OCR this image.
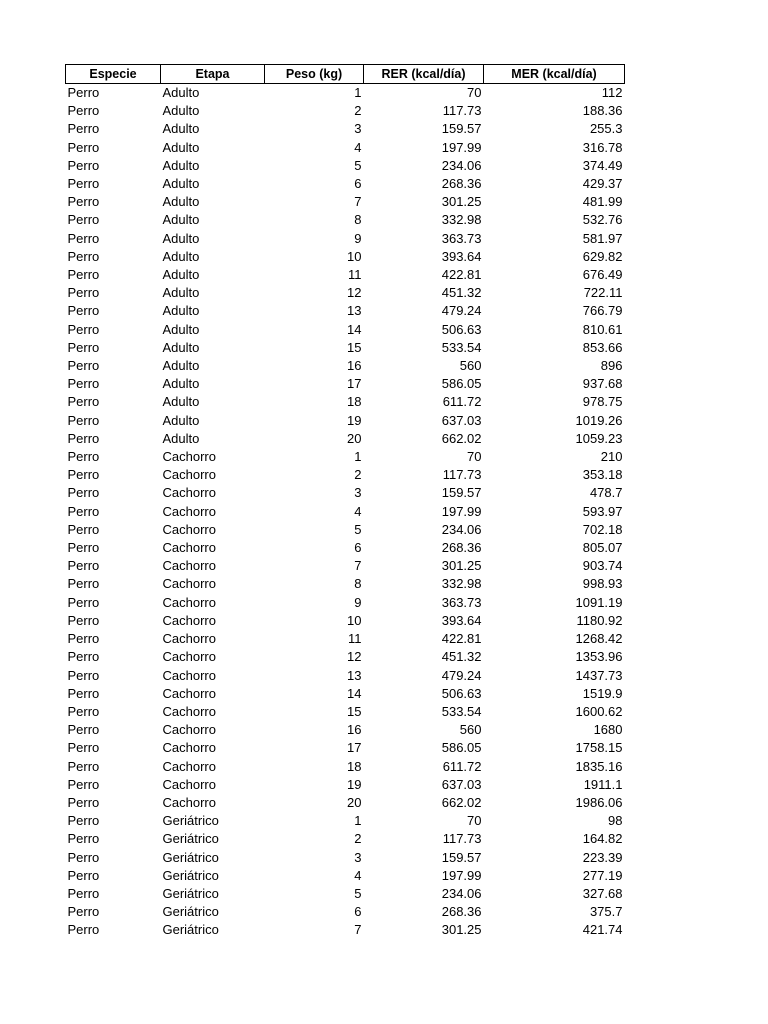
Especie	Etapa	Peso (kg)	RER (kcal/día)	MER (kcal/día)
Perro	Adulto	1	70	112
Perro	Adulto	2	117.73	188.36
Perro	Adulto	3	159.57	255.3
Perro	Adulto	4	197.99	316.78
Perro	Adulto	5	234.06	374.49
Perro	Adulto	6	268.36	429.37
Perro	Adulto	7	301.25	481.99
Perro	Adulto	8	332.98	532.76
Perro	Adulto	9	363.73	581.97
Perro	Adulto	10	393.64	629.82
Perro	Adulto	11	422.81	676.49
Perro	Adulto	12	451.32	722.11
Perro	Adulto	13	479.24	766.79
Perro	Adulto	14	506.63	810.61
Perro	Adulto	15	533.54	853.66
Perro	Adulto	16	560	896
Perro	Adulto	17	586.05	937.68
Perro	Adulto	18	611.72	978.75
Perro	Adulto	19	637.03	1019.26
Perro	Adulto	20	662.02	1059.23
Perro	Cachorro	1	70	210
Perro	Cachorro	2	117.73	353.18
Perro	Cachorro	3	159.57	478.7
Perro	Cachorro	4	197.99	593.97
Perro	Cachorro	5	234.06	702.18
Perro	Cachorro	6	268.36	805.07
Perro	Cachorro	7	301.25	903.74
Perro	Cachorro	8	332.98	998.93
Perro	Cachorro	9	363.73	1091.19
Perro	Cachorro	10	393.64	1180.92
Perro	Cachorro	11	422.81	1268.42
Perro	Cachorro	12	451.32	1353.96
Perro	Cachorro	13	479.24	1437.73
Perro	Cachorro	14	506.63	1519.9
Perro	Cachorro	15	533.54	1600.62
Perro	Cachorro	16	560	1680
Perro	Cachorro	17	586.05	1758.15
Perro	Cachorro	18	611.72	1835.16
Perro	Cachorro	19	637.03	1911.1
Perro	Cachorro	20	662.02	1986.06
Perro	Geriátrico	1	70	98
Perro	Geriátrico	2	117.73	164.82
Perro	Geriátrico	3	159.57	223.39
Perro	Geriátrico	4	197.99	277.19
Perro	Geriátrico	5	234.06	327.68
Perro	Geriátrico	6	268.36	375.7
Perro	Geriátrico	7	301.25	421.74
